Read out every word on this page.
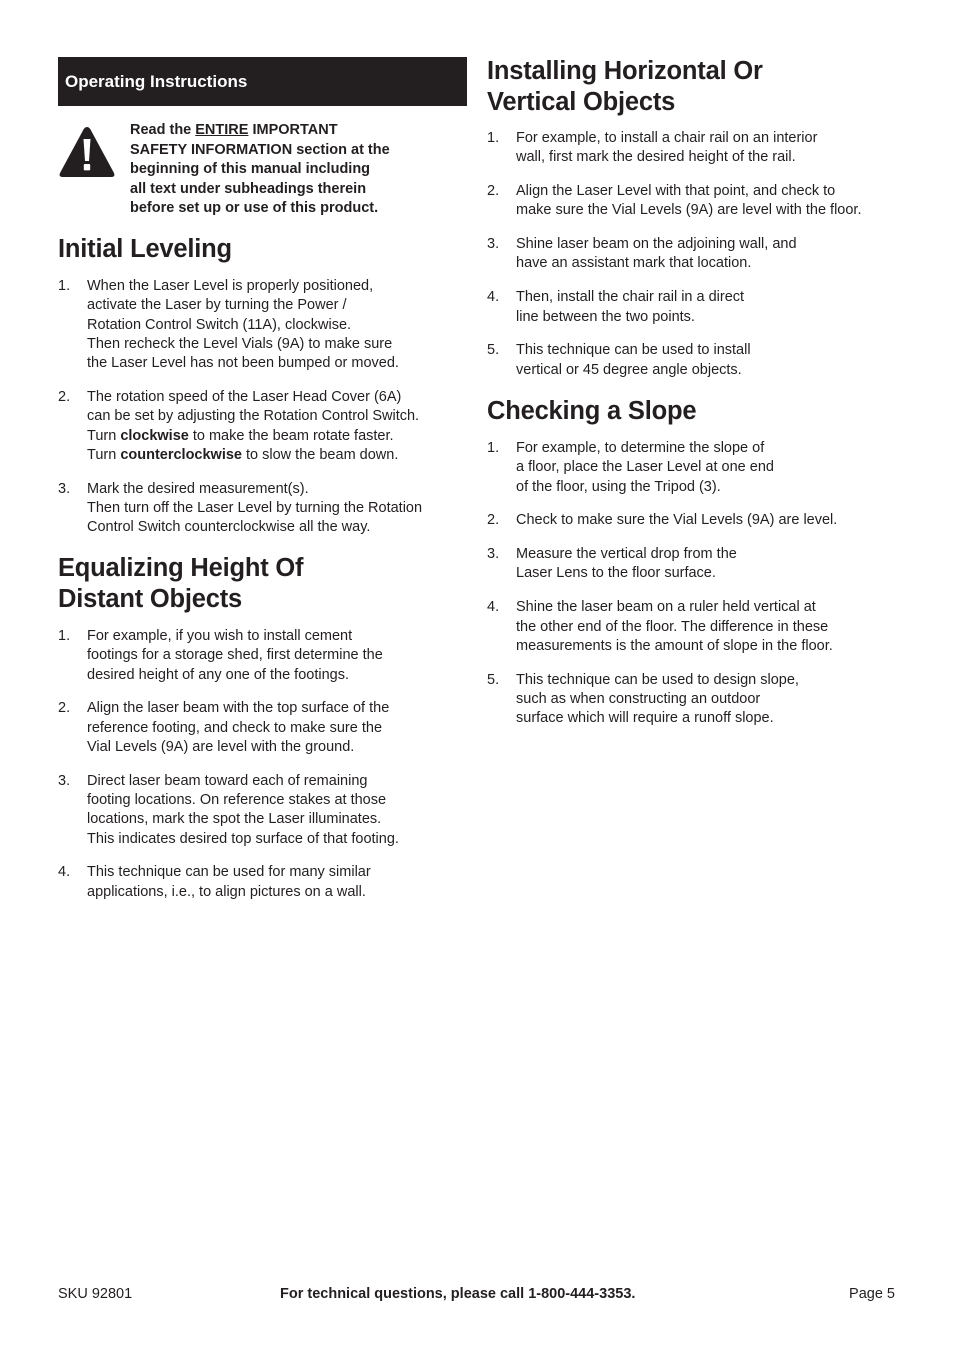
Operating Instructions
Read the ENTIRE IMPORTANT
SAFETY INFORMATION section at the
beginning of this manual including
all text under subheadings therein
before set up or use of this product.
Initial Leveling
1. When the Laser Level is properly positioned,
activate the Laser by turning the Power /
Rotation Control Switch (11A), clockwise.
Then recheck the Level Vials (9A) to make sure
the Laser Level has not been bumped or moved.
2. The rotation speed of the Laser Head Cover (6A)
can be set by adjusting the Rotation Control Switch.
Turn clockwise to make the beam rotate faster.
Turn counterclockwise to slow the beam down.
3. Mark the desired measurement(s).
Then turn off the Laser Level by turning the Rotation
Control Switch counterclockwise all the way.
Equalizing Height Of
Distant Objects
1. For example, if you wish to install cement
footings for a storage shed, first determine the
desired height of any one of the footings.
2. Align the laser beam with the top surface of the
reference footing, and check to make sure the
Vial Levels (9A) are level with the ground.
3. Direct laser beam toward each of remaining
footing locations. On reference stakes at those
locations, mark the spot the Laser illuminates.
This indicates desired top surface of that footing.
4. This technique can be used for many similar
applications, i.e., to align pictures on a wall.
Installing Horizontal Or
Vertical Objects
1. For example, to install a chair rail on an interior
wall, first mark the desired height of the rail.
2. Align the Laser Level with that point, and check to
make sure the Vial Levels (9A) are level with the floor.
3. Shine laser beam on the adjoining wall, and
have an assistant mark that location.
4. Then, install the chair rail in a direct
line between the two points.
5. This technique can be used to install
vertical or 45 degree angle objects.
Checking a Slope
1. For example, to determine the slope of
a floor, place the Laser Level at one end
of the floor, using the Tripod (3).
2. Check to make sure the Vial Levels (9A) are level.
3. Measure the vertical drop from the
Laser Lens to the floor surface.
4. Shine the laser beam on a ruler held vertical at
the other end of the floor. The difference in these
measurements is the amount of slope in the floor.
5. This technique can be used to design slope,
such as when constructing an outdoor
surface which will require a runoff slope.
SKU 92801	For technical questions, please call 1-800-444-3353.	Page 5
